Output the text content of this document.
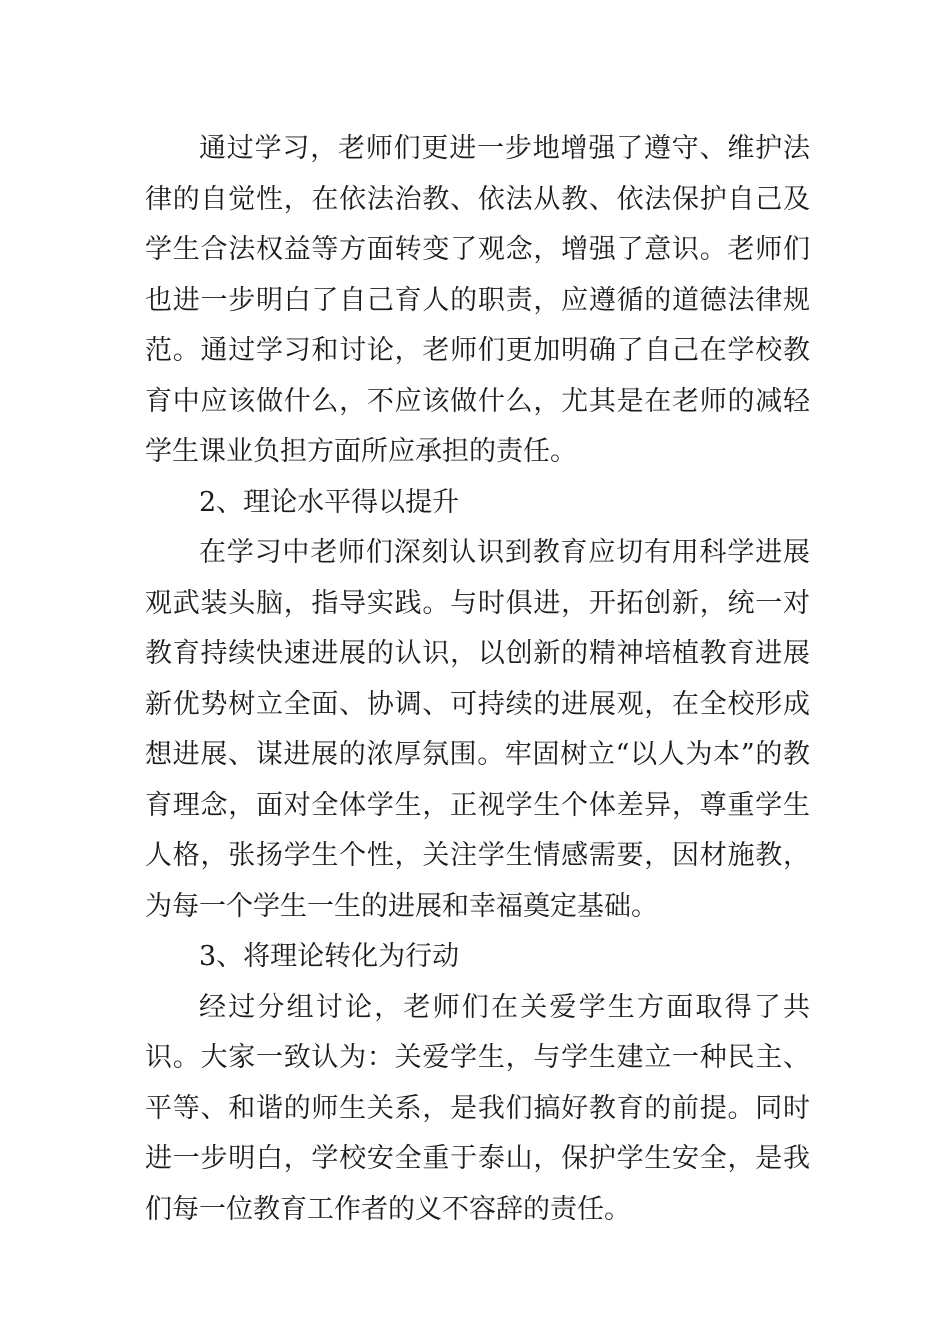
通过学习，老师们更进一步地增强了遵守、维护法律的自觉性，在依法治教、依法从教、依法保护自己及学生合法权益等方面转变了观念，增强了意识。老师们也进一步明白了自己育人的职责，应遵循的道德法律规范。通过学习和讨论，老师们更加明确了自己在学校教育中应该做什么，不应该做什么，尤其是在老师的减轻学生课业负担方面所应承担的责任。

2、理论水平得以提升

在学习中老师们深刻认识到教育应切有用科学进展观武装头脑，指导实践。与时俱进，开拓创新，统一对教育持续快速进展的认识，以创新的精神培植教育进展新优势树立全面、协调、可持续的进展观，在全校形成想进展、谋进展的浓厚氛围。牢固树立“以人为本”的教育理念，面对全体学生，正视学生个体差异，尊重学生人格，张扬学生个性，关注学生情感需要，因材施教，为每一个学生一生的进展和幸福奠定基础。

3、将理论转化为行动

经过分组讨论，老师们在关爱学生方面取得了共识。大家一致认为：关爱学生，与学生建立一种民主、平等、和谐的师生关系，是我们搞好教育的前提。同时进一步明白，学校安全重于泰山，保护学生安全，是我们每一位教育工作者的义不容辞的责任。
